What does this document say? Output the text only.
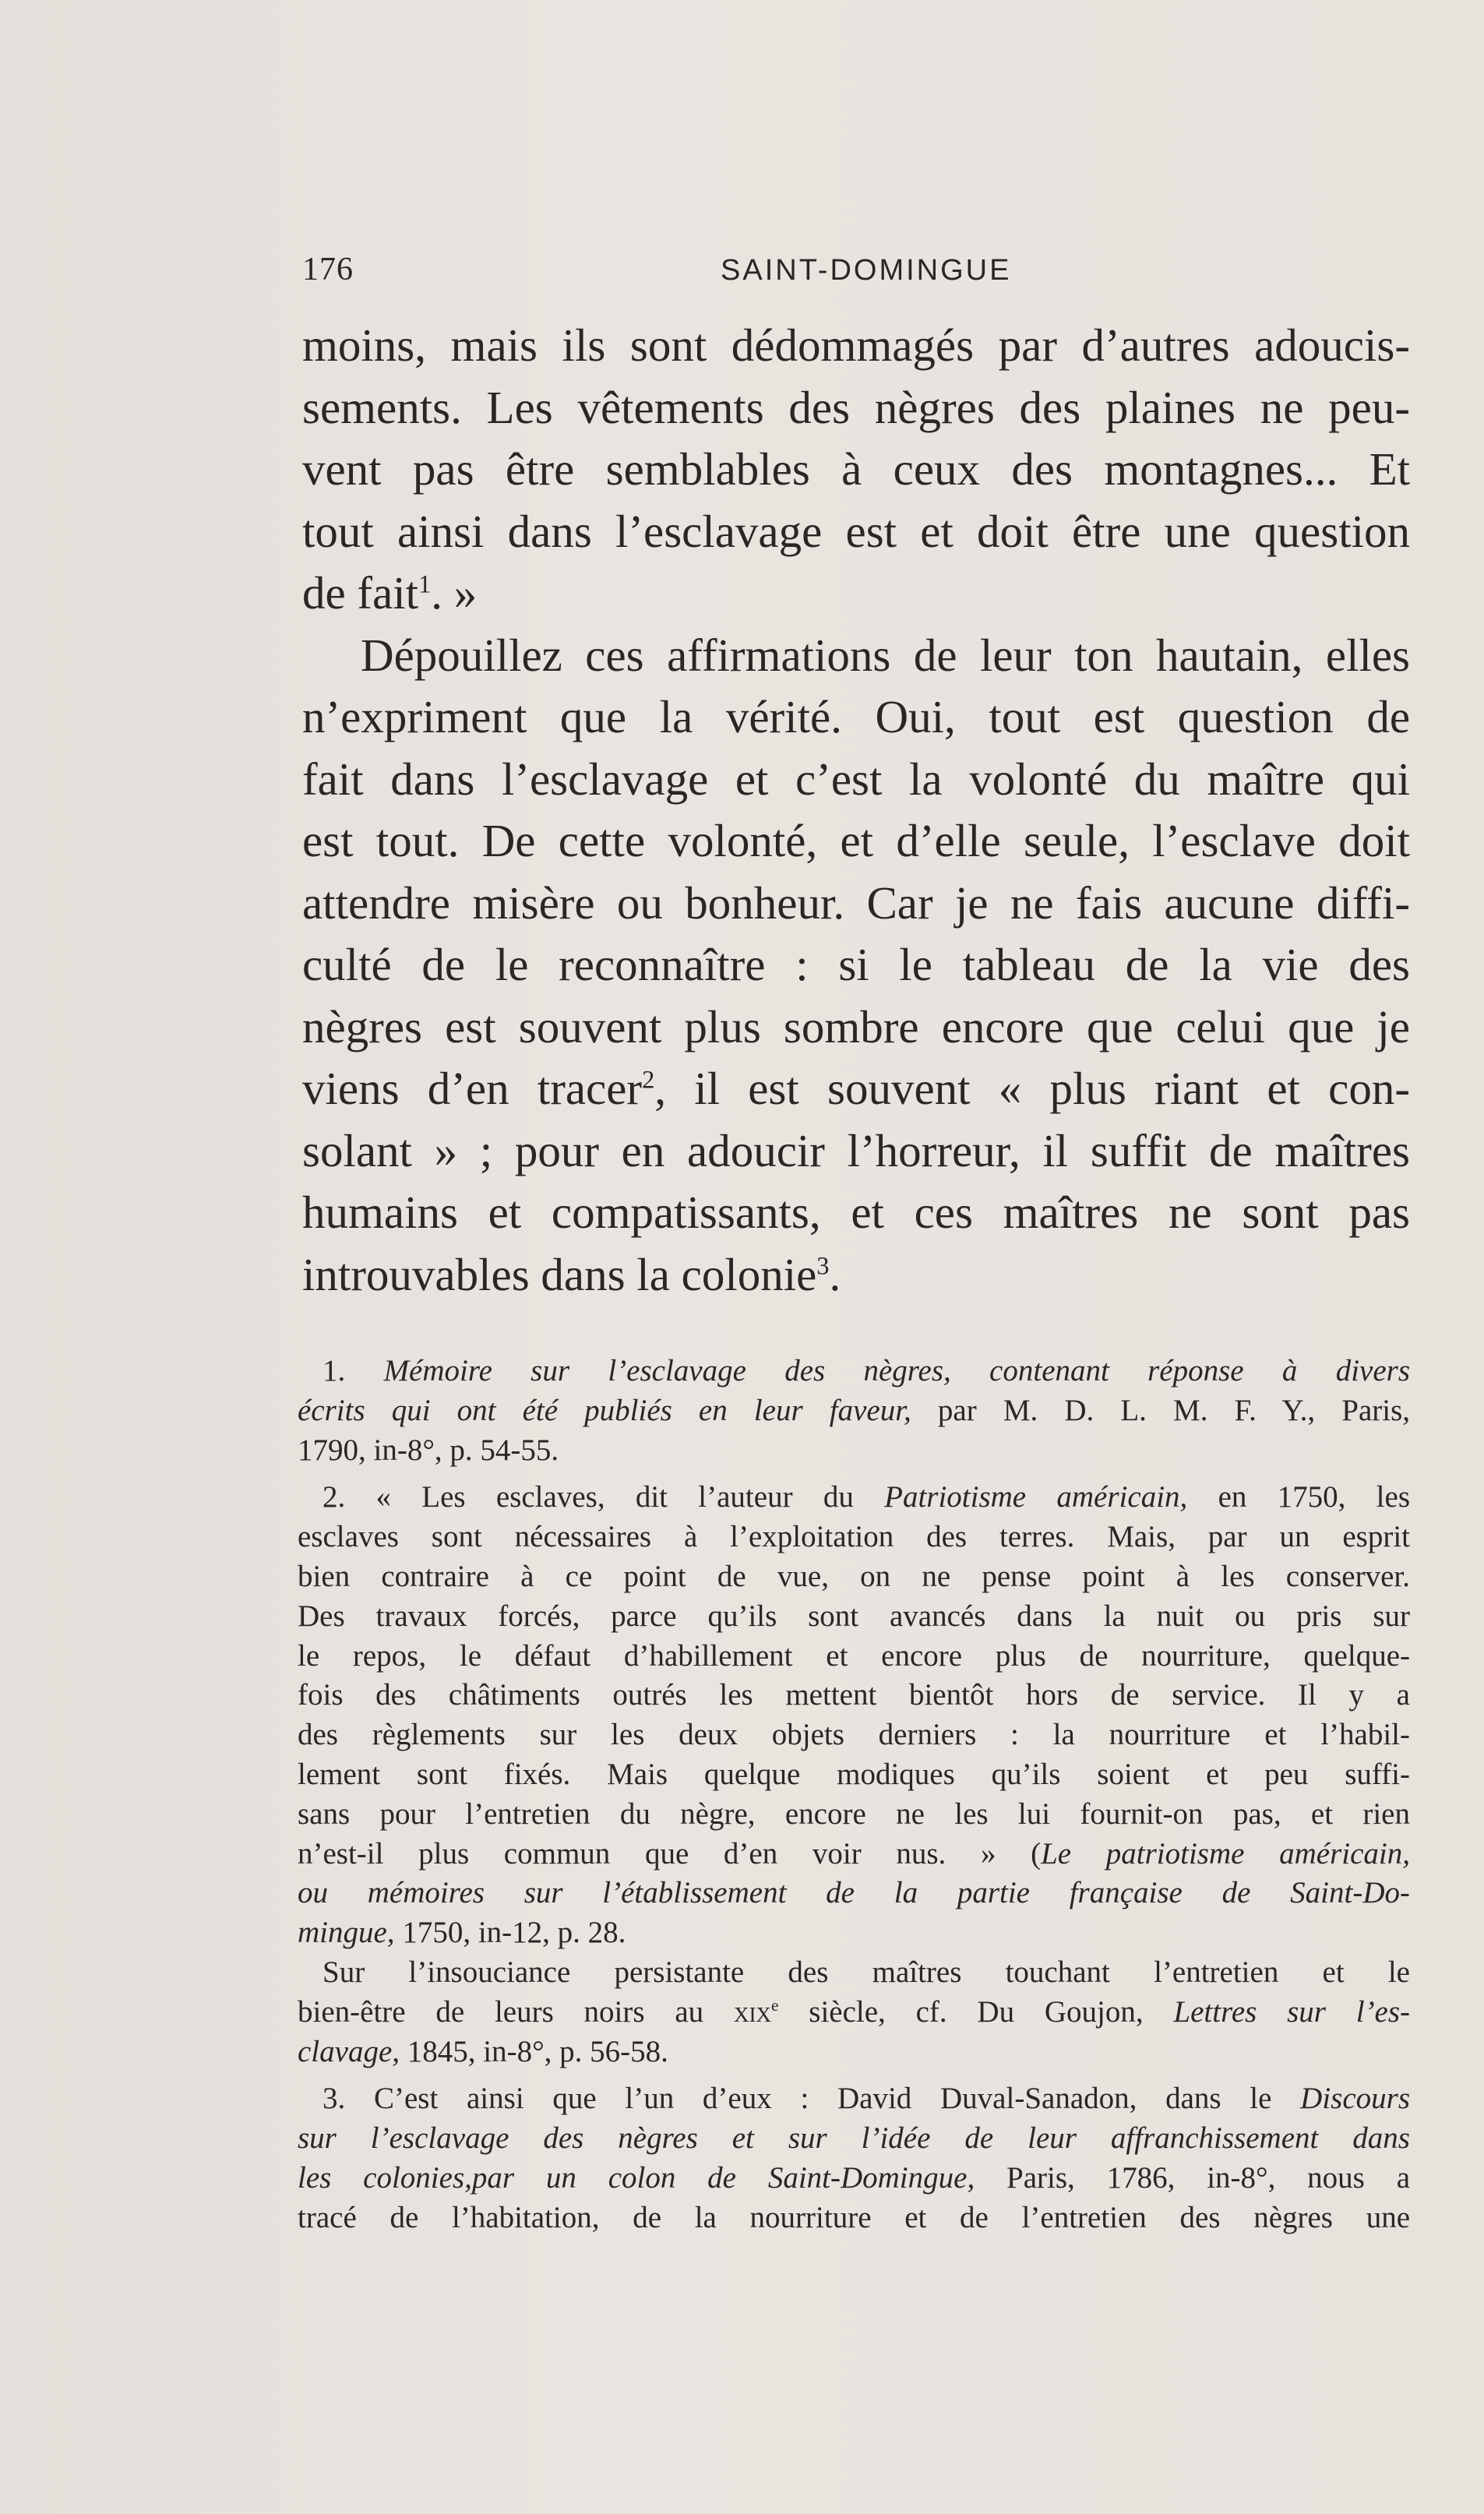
176	SAINT-DOMINGUE
moins, mais ils sont dédommagés par d’autres adoucis-
sements. Les vêtements des nègres des plaines ne peu-
vent pas être semblables à ceux des montagnes... Et
tout ainsi dans l’esclavage est et doit être une question
de fait$^1$. »
Dépouillez ces affirmations de leur ton hautain, elles
n’expriment que la vérité. Oui, tout est question de
fait dans l’esclavage et c’est la volonté du maître qui
est tout. De cette volonté, et d’elle seule, l’esclave doit
attendre misère ou bonheur. Car je ne fais aucune diffi-
culté de le reconnaître : si le tableau de la vie des
nègres est souvent plus sombre encore que celui que je
viens d’en tracer$^2$, il est souvent « plus riant et con-
solant » ; pour en adoucir l’horreur, il suffit de maîtres
humains et compatissants, et ces maîtres ne sont pas
introuvables dans la colonie$^3$.
1. Mémoire sur l’esclavage des nègres, contenant réponse à divers
écrits qui ont été publiés en leur faveur, par M. D. L. M. F. Y., Paris,
1790, in-8°, p. 54-55.
2. « Les esclaves, dit l’auteur du Patriotisme américain, en 1750, les
esclaves sont nécessaires à l’exploitation des terres. Mais, par un esprit
bien contraire à ce point de vue, on ne pense point à les conserver.
Des travaux forcés, parce qu’ils sont avancés dans la nuit ou pris sur
le repos, le défaut d’habillement et encore plus de nourriture, quelque-
fois des châtiments outrés les mettent bientôt hors de service. Il y a
des règlements sur les deux objets derniers : la nourriture et l’habil-
lement sont fixés. Mais quelque modiques qu’ils soient et peu suffi-
sans pour l’entretien du nègre, encore ne les lui fournit-on pas, et rien
n’est-il plus commun que d’en voir nus. » (Le patriotisme américain,
ou mémoires sur l’établissement de la partie française de Saint-Do-
mingue, 1750, in-12, p. 28.
Sur l’insouciance persistante des maîtres touchant l’entretien et le
bien-être de leurs noirs au xix$^e$ siècle, cf. Du Goujon, Lettres sur l’es-
clavage, 1845, in-8°, p. 56-58.
3. C’est ainsi que l’un d’eux : David Duval-Sanadon, dans le Discours
sur l’esclavage des nègres et sur l’idée de leur affranchissement dans
les colonies,par un colon de Saint-Domingue, Paris, 1786, in-8°, nous a
tracé de l’habitation, de la nourriture et de l’entretien des nègres une
